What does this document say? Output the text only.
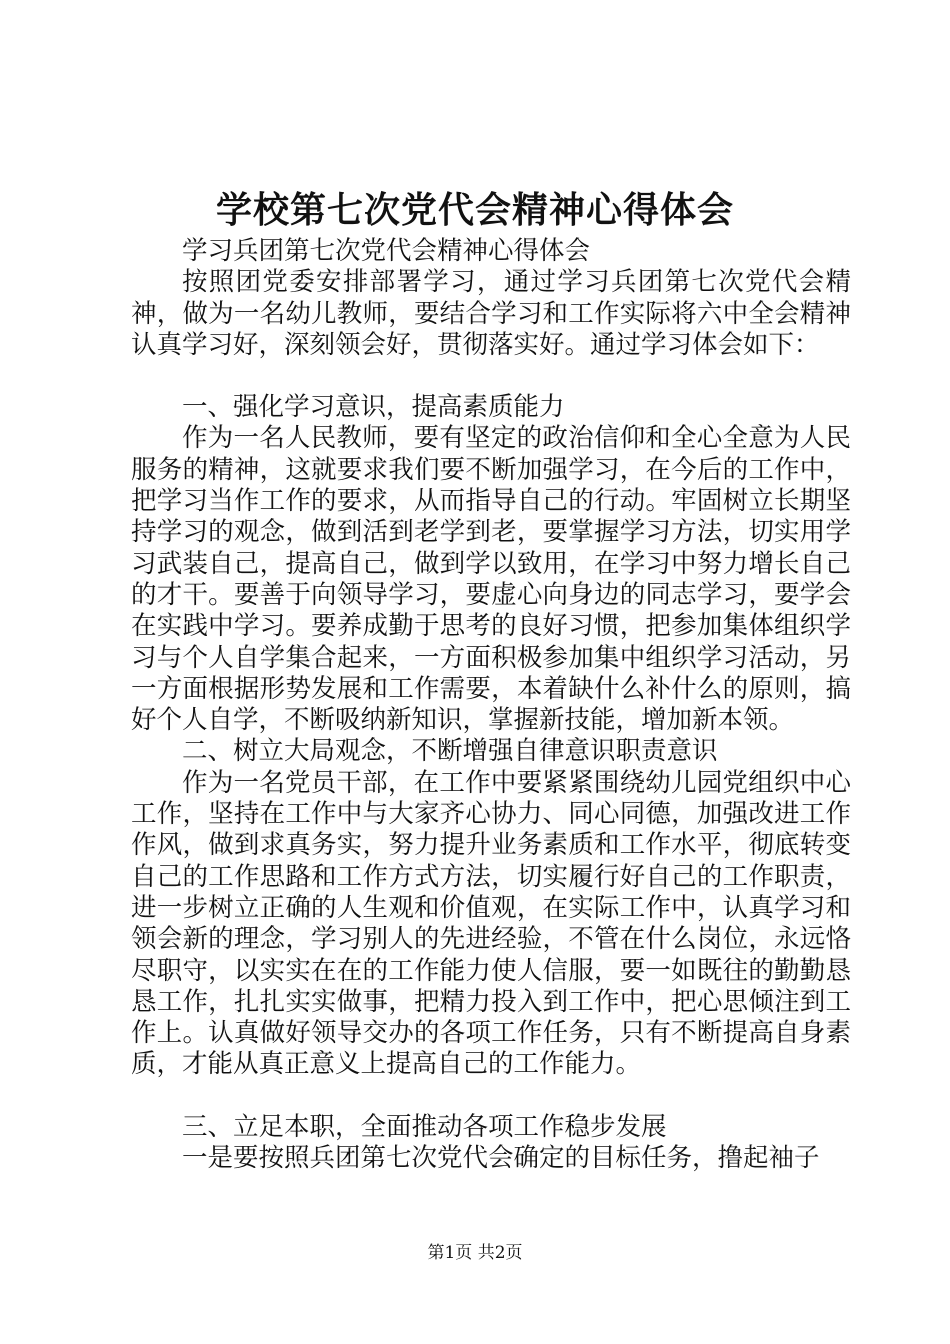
学校第七次党代会精神心得体会

学习兵团第七次党代会精神心得体会

按照团党委安排部署学习，通过学习兵团第七次党代会精神，做为一名幼儿教师，要结合学习和工作实际将六中全会精神认真学习好，深刻领会好，贯彻落实好。通过学习体会如下：

一、强化学习意识，提高素质能力

作为一名人民教师，要有坚定的政治信仰和全心全意为人民服务的精神，这就要求我们要不断加强学习，在今后的工作中，把学习当作工作的要求，从而指导自己的行动。牢固树立长期坚持学习的观念，做到活到老学到老，要掌握学习方法，切实用学习武装自己，提高自己，做到学以致用，在学习中努力增长自己的才干。要善于向领导学习，要虚心向身边的同志学习，要学会在实践中学习。要养成勤于思考的良好习惯，把参加集体组织学习与个人自学集合起来，一方面积极参加集中组织学习活动，另一方面根据形势发展和工作需要，本着缺什么补什么的原则，搞好个人自学，不断吸纳新知识，掌握新技能，增加新本领。

二、树立大局观念，不断增强自律意识职责意识

作为一名党员干部，在工作中要紧紧围绕幼儿园党组织中心工作，坚持在工作中与大家齐心协力、同心同德，加强改进工作作风，做到求真务实，努力提升业务素质和工作水平，彻底转变自己的工作思路和工作方式方法，切实履行好自己的工作职责，进一步树立正确的人生观和价值观，在实际工作中，认真学习和领会新的理念，学习别人的先进经验，不管在什么岗位，永远恪尽职守，以实实在在的工作能力使人信服，要一如既往的勤勤恳恳工作，扎扎实实做事，把精力投入到工作中，把心思倾注到工作上。认真做好领导交办的各项工作任务，只有不断提高自身素质，才能从真正意义上提高自己的工作能力。

三、立足本职，全面推动各项工作稳步发展

一是要按照兵团第七次党代会确定的目标任务，撸起袖子

第1页 共2页
